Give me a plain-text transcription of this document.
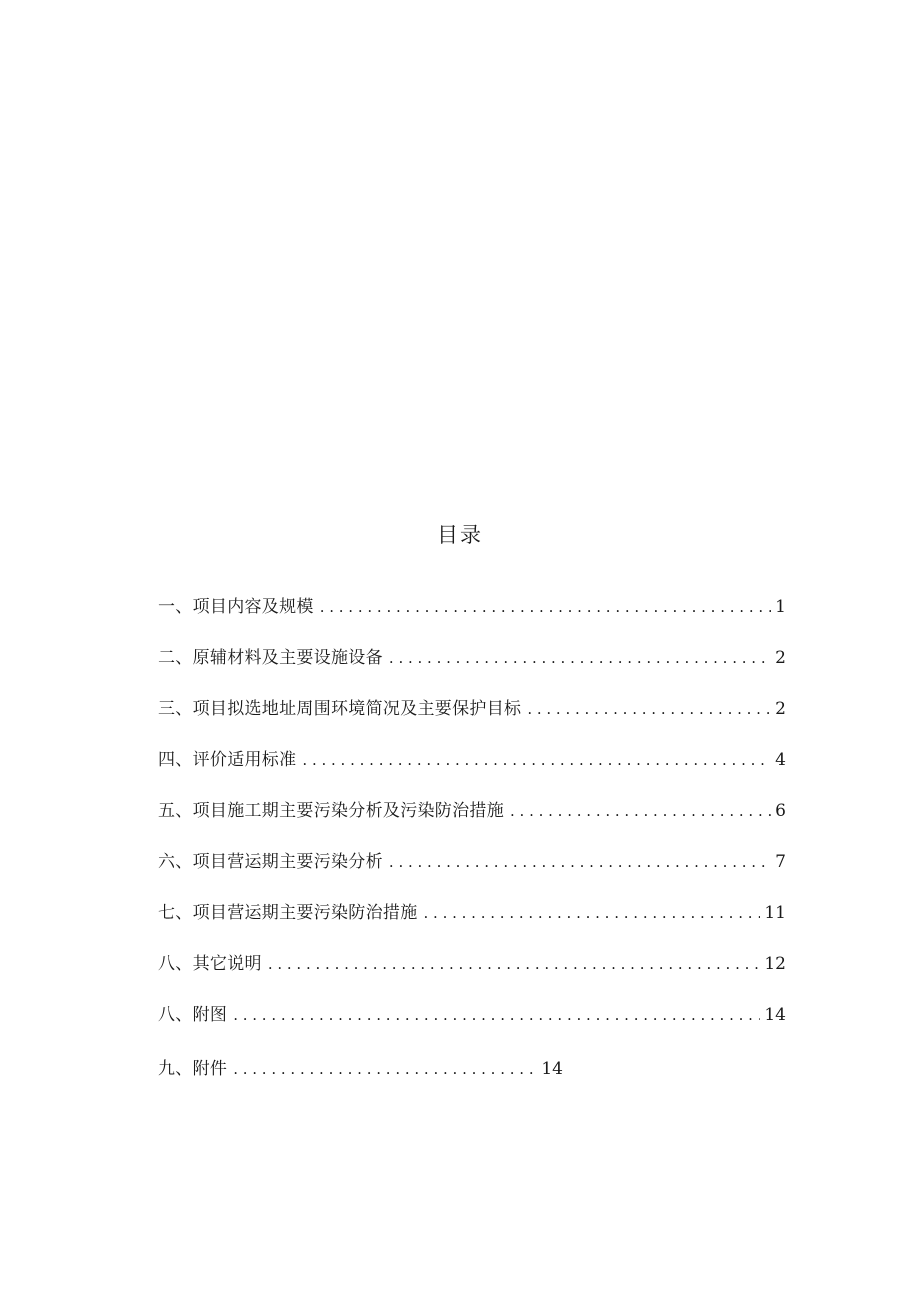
目录
一、项目内容及规模 . . .	1
二、原辅材料及主要设施设备 . . .	2
三、项目拟选地址周围环境简况及主要保护目标 . . .	2
四、评价适用标准 . . .	4
五、项目施工期主要污染分析及污染防治措施 . . .	6
六、项目营运期主要污染分析 . . .	7
七、项目营运期主要污染防治措施 . . .	11
八、其它说明 . . .	12
八、附图 . . .	14
九、附件 . . .	14
